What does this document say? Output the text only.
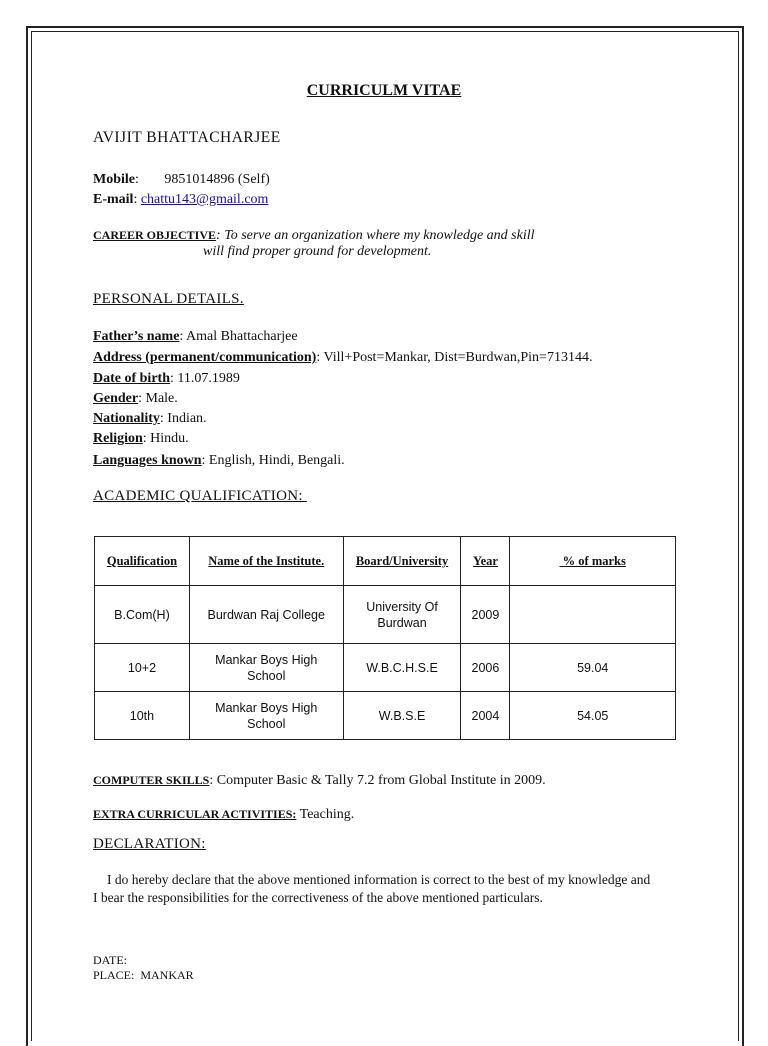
CURRICULM VITAE
AVIJIT BHATTACHARJEE
Mobile: 9851014896 (Self)
E-mail: chattu143@gmail.com
CAREER OBJECTIVE: To serve an organization where my knowledge and skill
will find proper ground for development.
PERSONAL DETAILS.
Father’s name: Amal Bhattacharjee
Address (permanent/communication): Vill+Post=Mankar, Dist=Burdwan,Pin=713144.
Date of birth: 11.07.1989
Gender: Male.
Nationality: Indian.
Religion: Hindu.
Languages known: English, Hindi, Bengali.
ACADEMIC QUALIFICATION:
Qualification	Name of the Institute.	Board/University	Year	% of marks
B.Com(H)	Burdwan Raj College	University Of Burdwan	2009	
10+2	Mankar Boys High School	W.B.C.H.S.E	2006	59.04
10th	Mankar Boys High School	W.B.S.E	2004	54.05
COMPUTER SKILLS: Computer Basic & Tally 7.2 from Global Institute in 2009.
EXTRA CURRICULAR ACTIVITIES: Teaching.
DECLARATION:
I do hereby declare that the above mentioned information is correct to the best of my knowledge and I bear the responsibilities for the correctiveness of the above mentioned particulars.
DATE:
PLACE:  MANKAR
